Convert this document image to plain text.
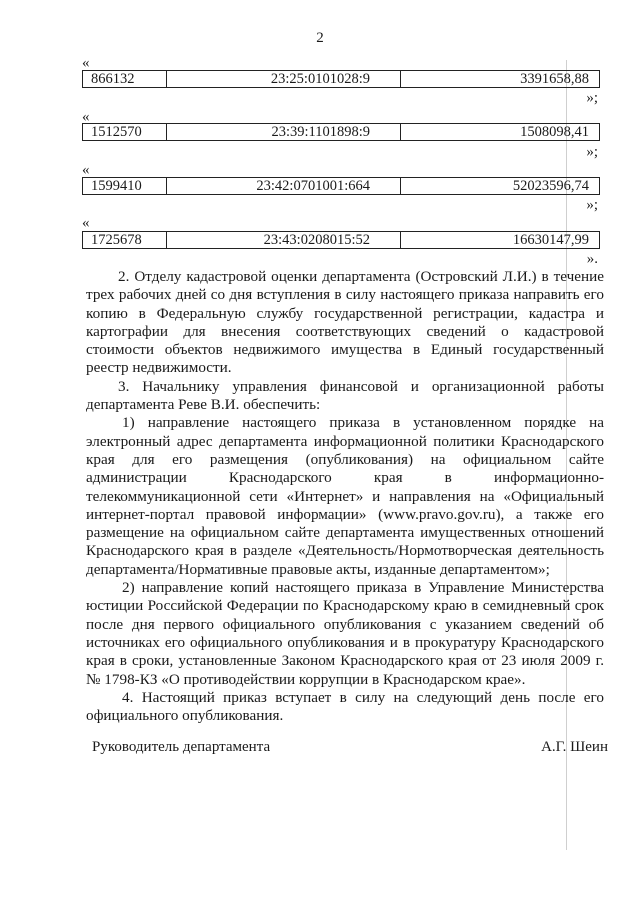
2
«
866132	23:25:0101028:9	3391658,88
»;
«
1512570	23:39:1101898:9	1508098,41
»;
«
1599410	23:42:0701001:664	52023596,74
»;
«
1725678	23:43:0208015:52	16630147,99
».

2. Отделу кадастровой оценки департамента (Островский Л.И.) в течение трех рабочих дней со дня вступления в силу настоящего приказа направить его копию в Федеральную службу государственной регистрации, кадастра и картографии для внесения соответствующих сведений о кадастровой стоимости объектов недвижимого имущества в Единый государственный реестр недвижимости.

3. Начальнику управления финансовой и организационной работы департамента Реве В.И. обеспечить:

1) направление настоящего приказа в установленном порядке на электронный адрес департамента информационной политики Краснодарского края для его размещения (опубликования) на официальном сайте администрации Краснодарского края в информационно-телекоммуникационной сети «Интернет» и направления на «Официальный интернет-портал правовой информации» (www.pravo.gov.ru), а также его размещение на официальном сайте департамента имущественных отношений Краснодарского края в разделе «Деятельность/Нормотворческая деятельность департамента/Нормативные правовые акты, изданные департаментом»;

2) направление копий настоящего приказа в Управление Министерства юстиции Российской Федерации по Краснодарскому краю в семидневный срок после дня первого официального опубликования с указанием сведений об источниках его официального опубликования и в прокуратуру Краснодарского края в сроки, установленные Законом Краснодарского края от 23 июля 2009 г. № 1798-КЗ «О противодействии коррупции в Краснодарском крае».

4. Настоящий приказ вступает в силу на следующий день после его официального опубликования.

Руководитель департамента	А.Г. Шеин
